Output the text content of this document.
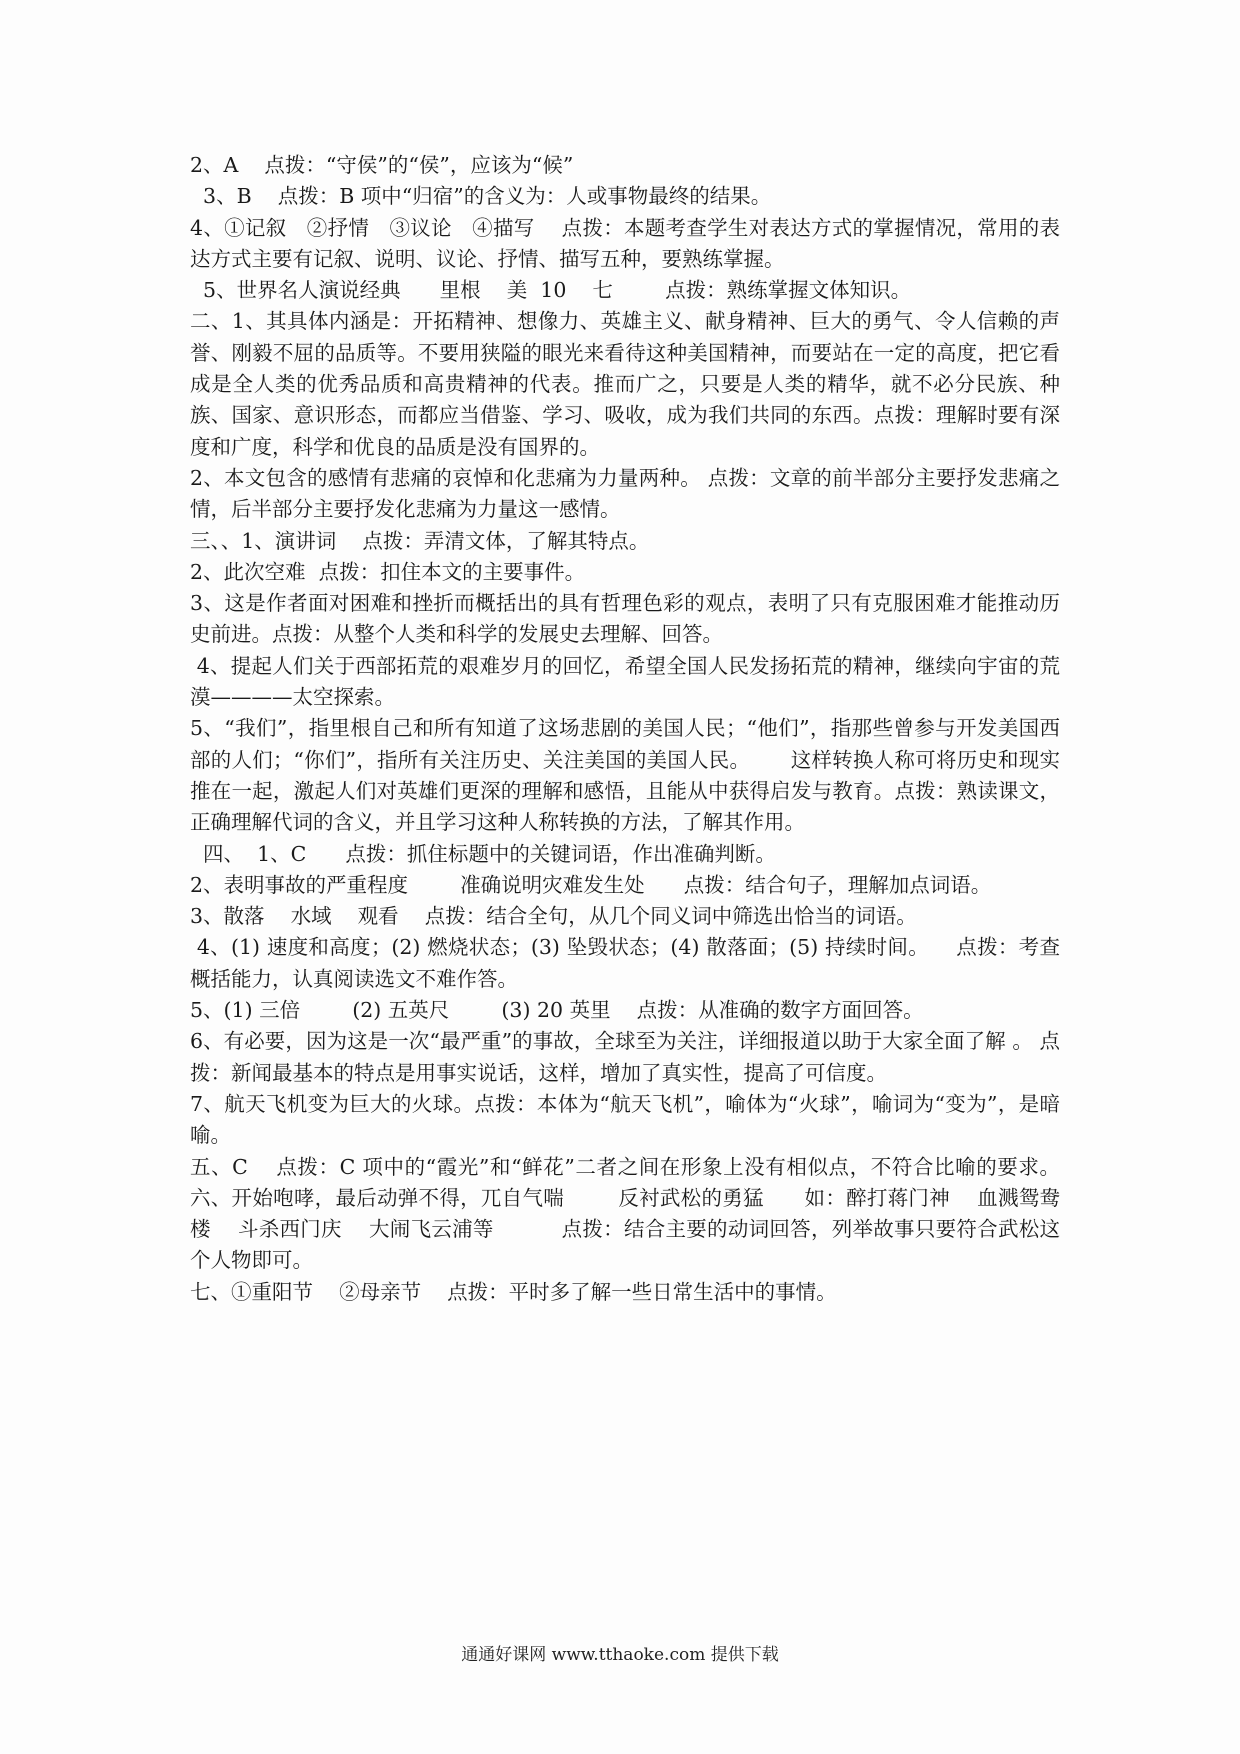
2、A    点拨：“守侯”的“侯”，应该为“候”

3、B    点拨：B 项中“归宿”的含义为：人或事物最终的结果。

4、①记叙   ②抒情   ③议论   ④描写    点拨：本题考查学生对表达方式的掌握情况，常用的表达方式主要有记叙、说明、议论、抒情、描写五种，要熟练掌握。

5、世界名人演说经典      里根    美  10    七        点拨：熟练掌握文体知识。

二、1、其具体内涵是：开拓精神、想像力、英雄主义、献身精神、巨大的勇气、令人信赖的声誉、刚毅不屈的品质等。不要用狭隘的眼光来看待这种美国精神，而要站在一定的高度，把它看成是全人类的优秀品质和高贵精神的代表。推而广之，只要是人类的精华，就不必分民族、种族、国家、意识形态，而都应当借鉴、学习、吸收，成为我们共同的东西。点拨：理解时要有深度和广度，科学和优良的品质是没有国界的。

2、本文包含的感情有悲痛的哀悼和化悲痛为力量两种。 点拨：文章的前半部分主要抒发悲痛之情，后半部分主要抒发化悲痛为力量这一感情。

三、、1、演讲词    点拨：弄清文体，了解其特点。

2、此次空难  点拨：扣住本文的主要事件。

3、这是作者面对困难和挫折而概括出的具有哲理色彩的观点，表明了只有克服困难才能推动历史前进。点拨：从整个人类和科学的发展史去理解、回答。

4、提起人们关于西部拓荒的艰难岁月的回忆，希望全国人民发扬拓荒的精神，继续向宇宙的荒漠————太空探索。

5、“我们”，指里根自己和所有知道了这场悲剧的美国人民；“他们”，指那些曾参与开发美国西部的人们；“你们”，指所有关注历史、关注美国的美国人民。      这样转换人称可将历史和现实推在一起，激起人们对英雄们更深的理解和感悟，且能从中获得启发与教育。点拨：熟读课文，正确理解代词的含义，并且学习这种人称转换的方法，了解其作用。

四、  1、C      点拨：抓住标题中的关键词语，作出准确判断。

2、表明事故的严重程度        准确说明灾难发生处      点拨：结合句子，理解加点词语。

3、散落    水域    观看    点拨：结合全句，从几个同义词中筛选出恰当的词语。

4、(1) 速度和高度；(2) 燃烧状态；(3) 坠毁状态；(4) 散落面；(5) 持续时间。    点拨：考查概括能力，认真阅读选文不难作答。

5、(1) 三倍        (2) 五英尺        (3) 20 英里    点拨：从准确的数字方面回答。

6、有必要，因为这是一次“最严重”的事故，全球至为关注，详细报道以助于大家全面了解 。 点拨：新闻最基本的特点是用事实说话，这样，增加了真实性，提高了可信度。

7、航天飞机变为巨大的火球。点拨：本体为“航天飞机”，喻体为“火球”，喻词为“变为”，是暗喻。

五、C    点拨：C 项中的“霞光”和“鲜花”二者之间在形象上没有相似点，不符合比喻的要求。六、开始咆哮，最后动弹不得，兀自气喘        反衬武松的勇猛      如：醉打蒋门神    血溅鸳鸯楼    斗杀西门庆    大闹飞云浦等          点拨：结合主要的动词回答，列举故事只要符合武松这个人物即可。

七、①重阳节    ②母亲节    点拨：平时多了解一些日常生活中的事情。

通通好课网 www.tthaoke.com 提供下载
